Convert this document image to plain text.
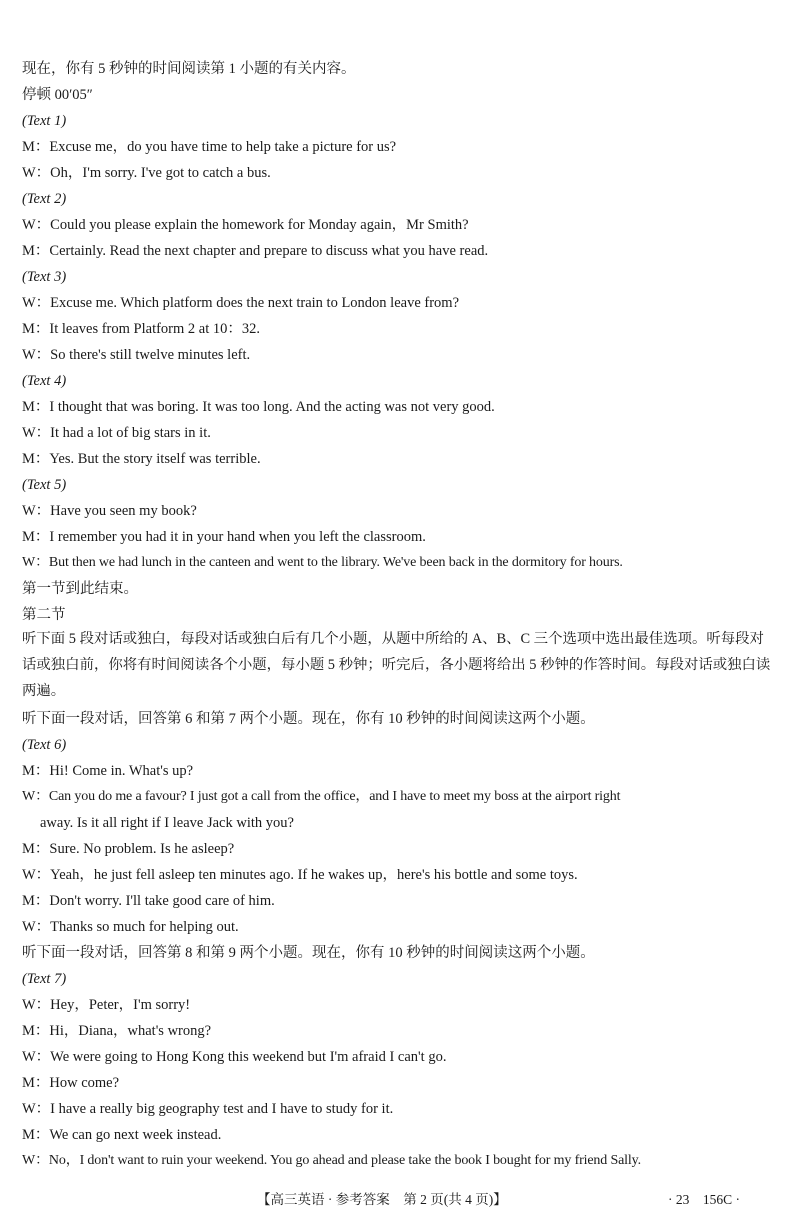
现在，你有 5 秒钟的时间阅读第 1 小题的有关内容。
停顿 00′05″
(Text 1)
M：Excuse me，do you have time to help take a picture for us?
W：Oh，I'm sorry. I've got to catch a bus.
(Text 2)
W：Could you please explain the homework for Monday again，Mr Smith?
M：Certainly. Read the next chapter and prepare to discuss what you have read.
(Text 3)
W：Excuse me. Which platform does the next train to London leave from?
M：It leaves from Platform 2 at 10：32.
W：So there's still twelve minutes left.
(Text 4)
M：I thought that was boring. It was too long. And the acting was not very good.
W：It had a lot of big stars in it.
M：Yes. But the story itself was terrible.
(Text 5)
W：Have you seen my book?
M：I remember you had it in your hand when you left the classroom.
W：But then we had lunch in the canteen and went to the library. We've been back in the dormitory for hours.
第一节到此结束。
第二节
听下面 5 段对话或独白，每段对话或独白后有几个小题，从题中所给的 A、B、C 三个选项中选出最佳选项。听每段对话或独白前，你将有时间阅读各个小题，每小题 5 秒钟；听完后，各小题将给出 5 秒钟的作答时间。每段对话或独白读两遍。
听下面一段对话，回答第 6 和第 7 两个小题。现在，你有 10 秒钟的时间阅读这两个小题。
(Text 6)
M：Hi! Come in. What's up?
W：Can you do me a favour? I just got a call from the office，and I have to meet my boss at the airport right
away. Is it all right if I leave Jack with you?
M：Sure. No problem. Is he asleep?
W：Yeah，he just fell asleep ten minutes ago. If he wakes up，here's his bottle and some toys.
M：Don't worry. I'll take good care of him.
W：Thanks so much for helping out.
听下面一段对话，回答第 8 和第 9 两个小题。现在，你有 10 秒钟的时间阅读这两个小题。
(Text 7)
W：Hey，Peter，I'm sorry!
M：Hi，Diana，what's wrong?
W：We were going to Hong Kong this weekend but I'm afraid I can't go.
M：How come?
W：I have a really big geography test and I have to study for it.
M：We can go next week instead.
W：No，I don't want to ruin your weekend. You go ahead and please take the book I bought for my friend Sally.
【高三英语 · 参考答案　第 2 页(共 4 页)】	· 23　156C ·
